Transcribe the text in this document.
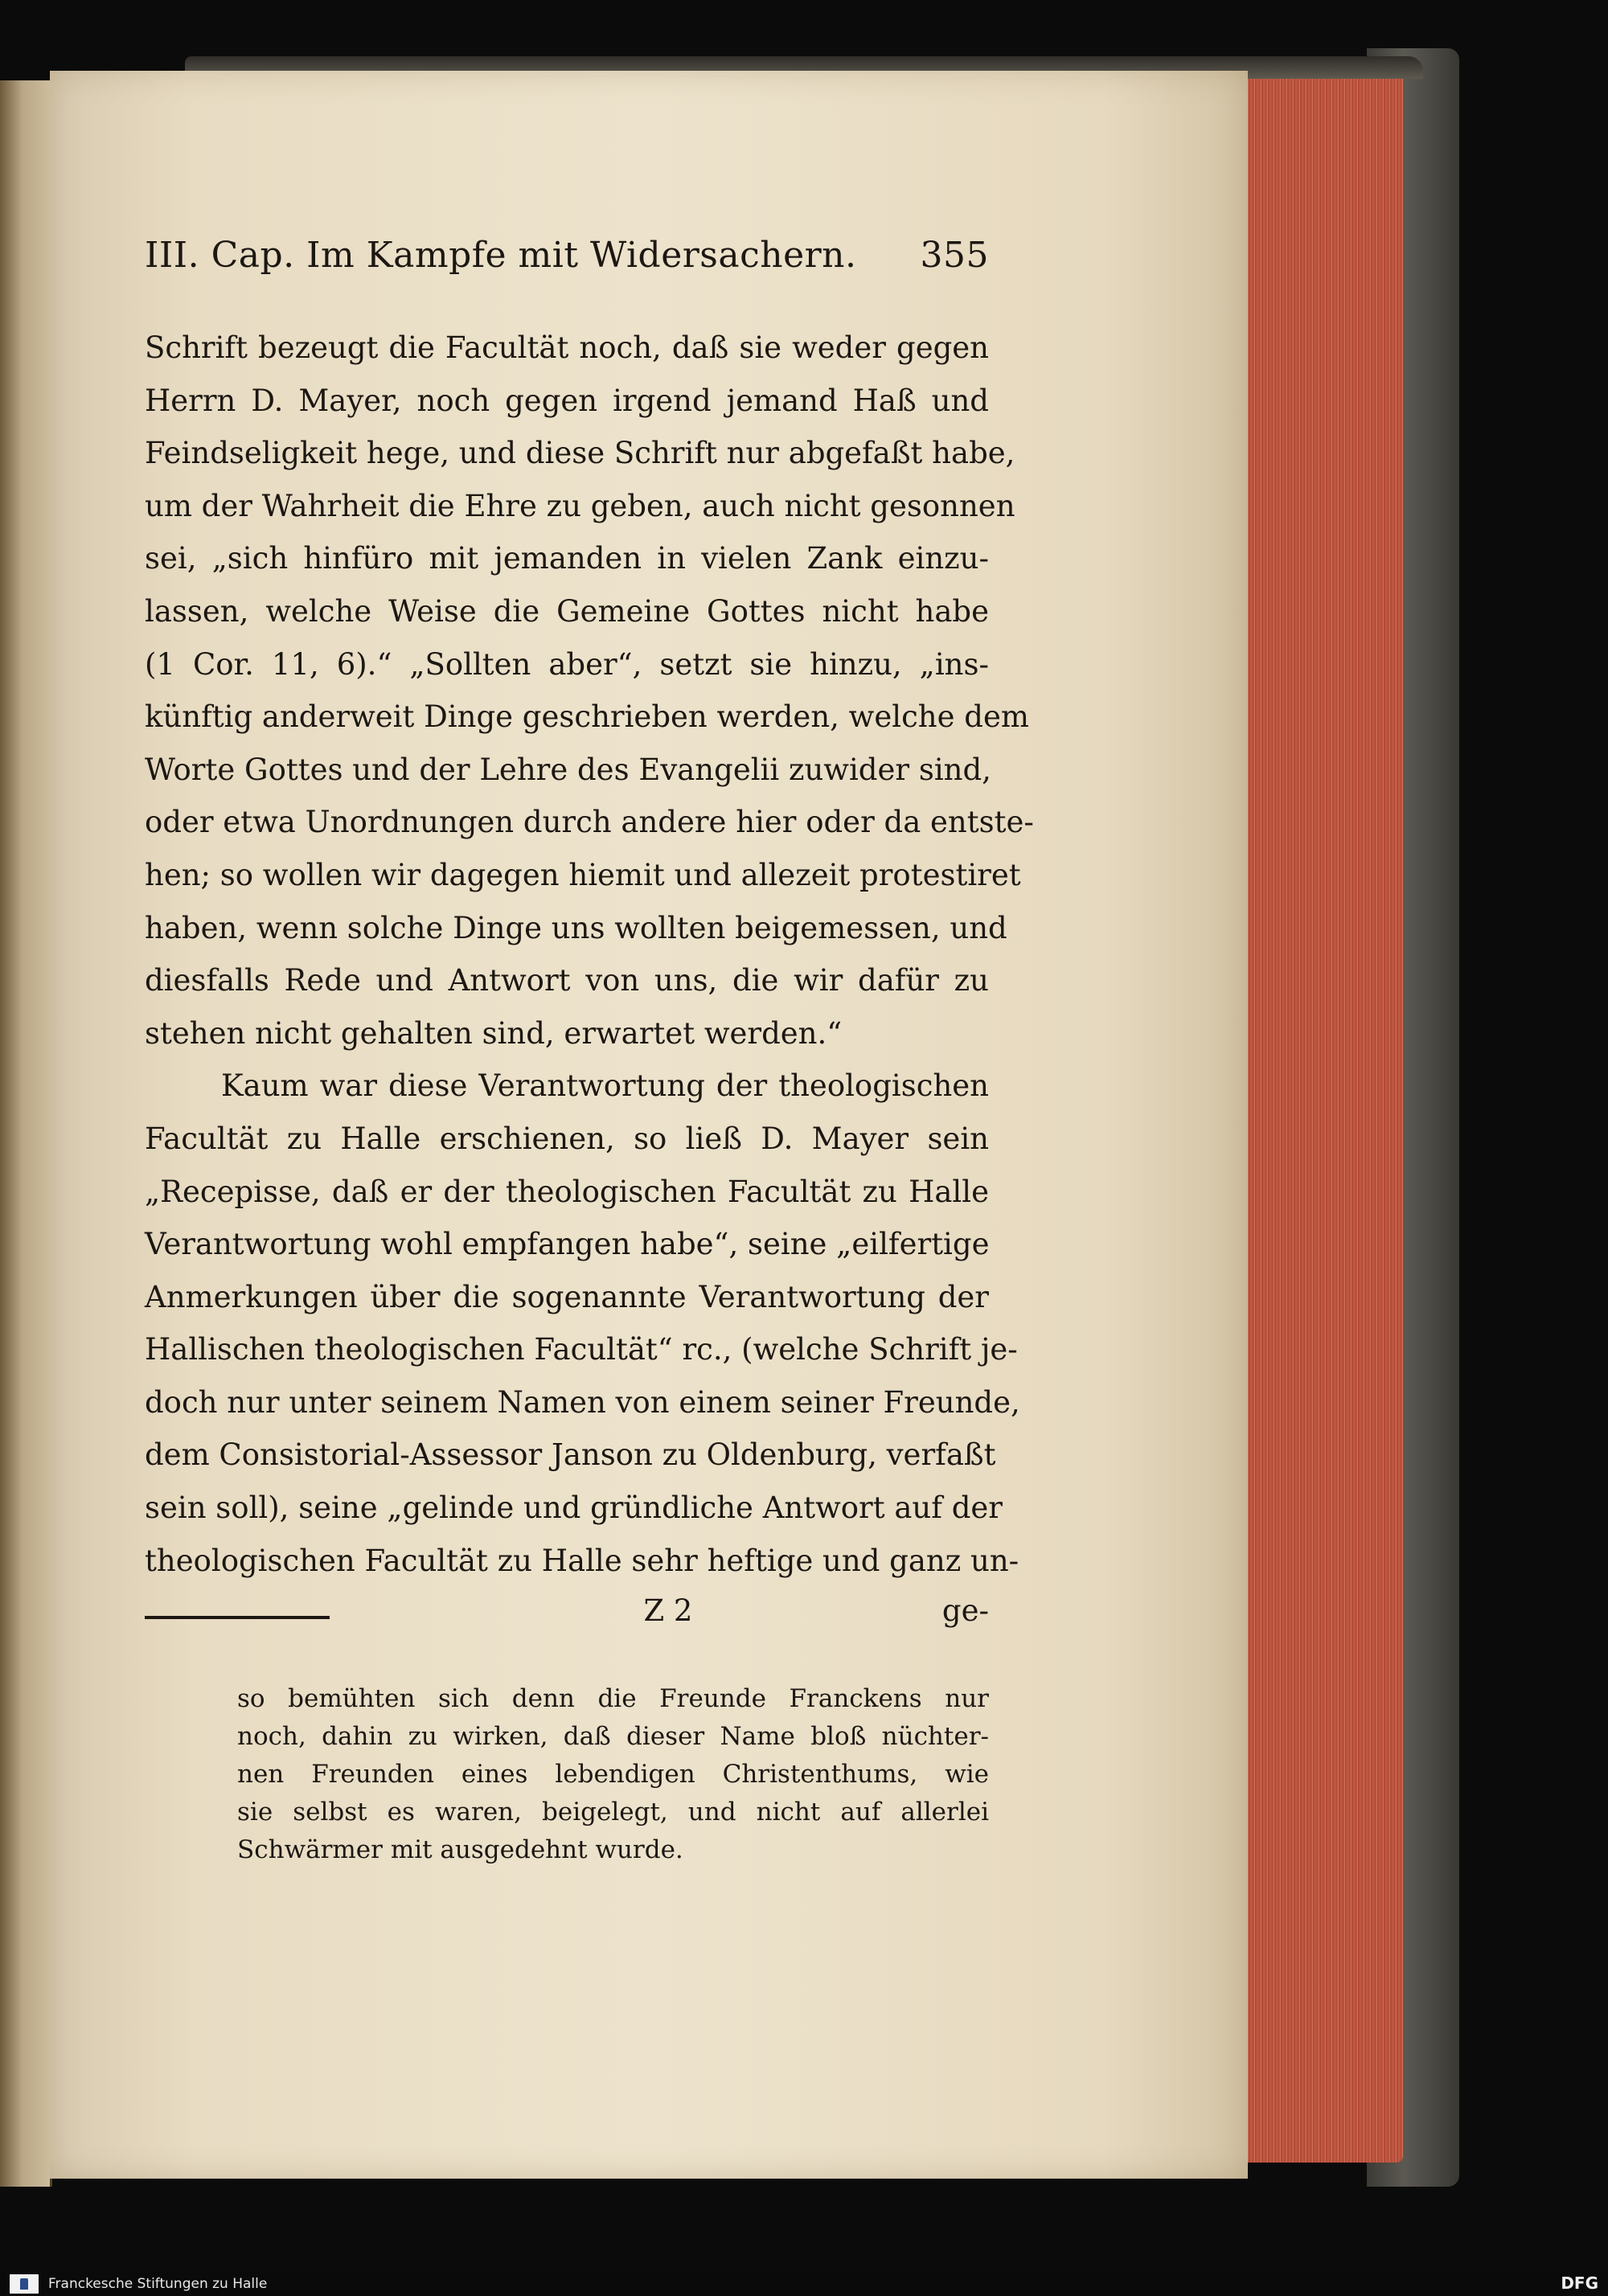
III. Cap. Im Kampfe mit Widersachern. 355
Schrift bezeugt die Facultät noch, daß sie weder gegen
Herrn D. Mayer, noch gegen irgend jemand Haß und
Feindseligkeit hege, und diese Schrift nur abgefaßt habe,
um der Wahrheit die Ehre zu geben, auch nicht gesonnen
sei, „sich hinfüro mit jemanden in vielen Zank einzu-
lassen, welche Weise die Gemeine Gottes nicht habe
(1 Cor. 11, 6).“ „Sollten aber“, setzt sie hinzu, „ins-
künftig anderweit Dinge geschrieben werden, welche dem
Worte Gottes und der Lehre des Evangelii zuwider sind,
oder etwa Unordnungen durch andere hier oder da entste-
hen; so wollen wir dagegen hiemit und allezeit protestiret
haben, wenn solche Dinge uns wollten beigemessen, und
diesfalls Rede und Antwort von uns, die wir dafür zu
stehen nicht gehalten sind, erwartet werden.“
Kaum war diese Verantwortung der theologischen
Facultät zu Halle erschienen, so ließ D. Mayer sein
„Recepisse, daß er der theologischen Facultät zu Halle
Verantwortung wohl empfangen habe“, seine „eilfertige
Anmerkungen über die sogenannte Verantwortung der
Hallischen theologischen Facultät“ rc., (welche Schrift je-
doch nur unter seinem Namen von einem seiner Freunde,
dem Consistorial-Assessor Janson zu Oldenburg, verfaßt
sein soll), seine „gelinde und gründliche Antwort auf der
theologischen Facultät zu Halle sehr heftige und ganz un-
Z 2	ge-
so bemühten sich denn die Freunde Franckens nur
noch, dahin zu wirken, daß dieser Name bloß nüchter-
nen Freunden eines lebendigen Christenthums, wie
sie selbst es waren, beigelegt, und nicht auf allerlei
Schwärmer mit ausgedehnt wurde.
Franckesche Stiftungen zu Halle	DFG
